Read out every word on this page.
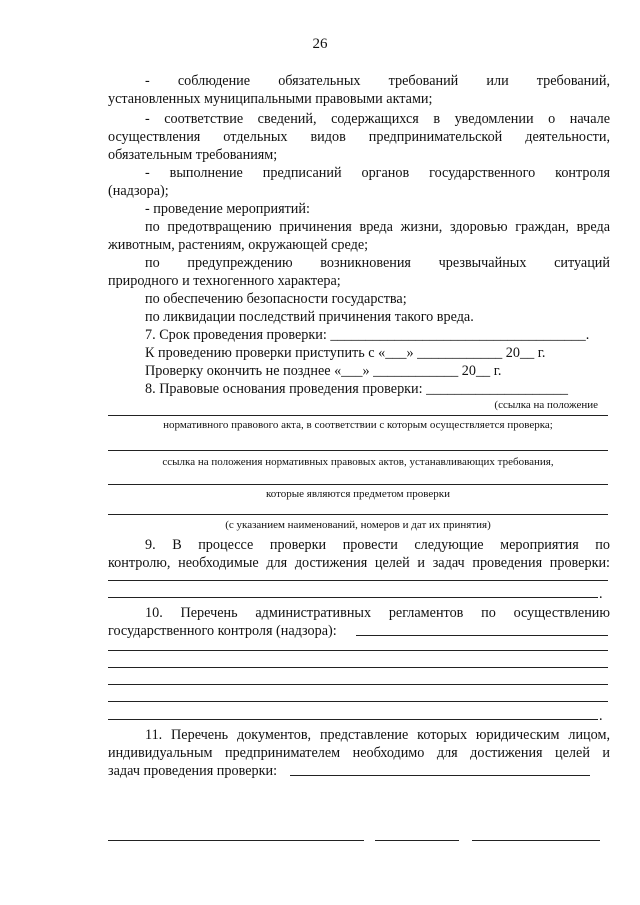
26
- соблюдение обязательных требований или требований,
установленных муниципальными правовыми актами;
- соответствие сведений, содержащихся в уведомлении о начале
осуществления отдельных видов предпринимательской деятельности,
обязательным требованиям;
- выполнение предписаний органов государственного контроля
(надзора);
- проведение мероприятий:
по предотвращению причинения вреда жизни, здоровью граждан, вреда
животным, растениям, окружающей среде;
по предупреждению возникновения чрезвычайных ситуаций
природного и техногенного характера;
по обеспечению безопасности государства;
по ликвидации последствий причинения такого вреда.
7. Срок проведения проверки: ____________________________________.
К проведению проверки приступить с «___» ____________ 20__ г.
Проверку окончить не позднее «___» ____________ 20__ г.
8. Правовые основания проведения проверки: ____________________
(ссылка на положение
нормативного правового акта, в соответствии с которым осуществляется проверка;
ссылка на положения нормативных правовых актов, устанавливающих требования,
которые являются предметом проверки
(с указанием наименований, номеров и дат их принятия)
9. В процессе проверки провести следующие мероприятия по
контролю, необходимые для достижения целей и задач проведения проверки:
.
10. Перечень административных регламентов по осуществлению
государственного контроля (надзора):
.
11. Перечень документов, представление которых юридическим лицом,
индивидуальным предпринимателем необходимо для достижения целей и
задач проведения проверки:
